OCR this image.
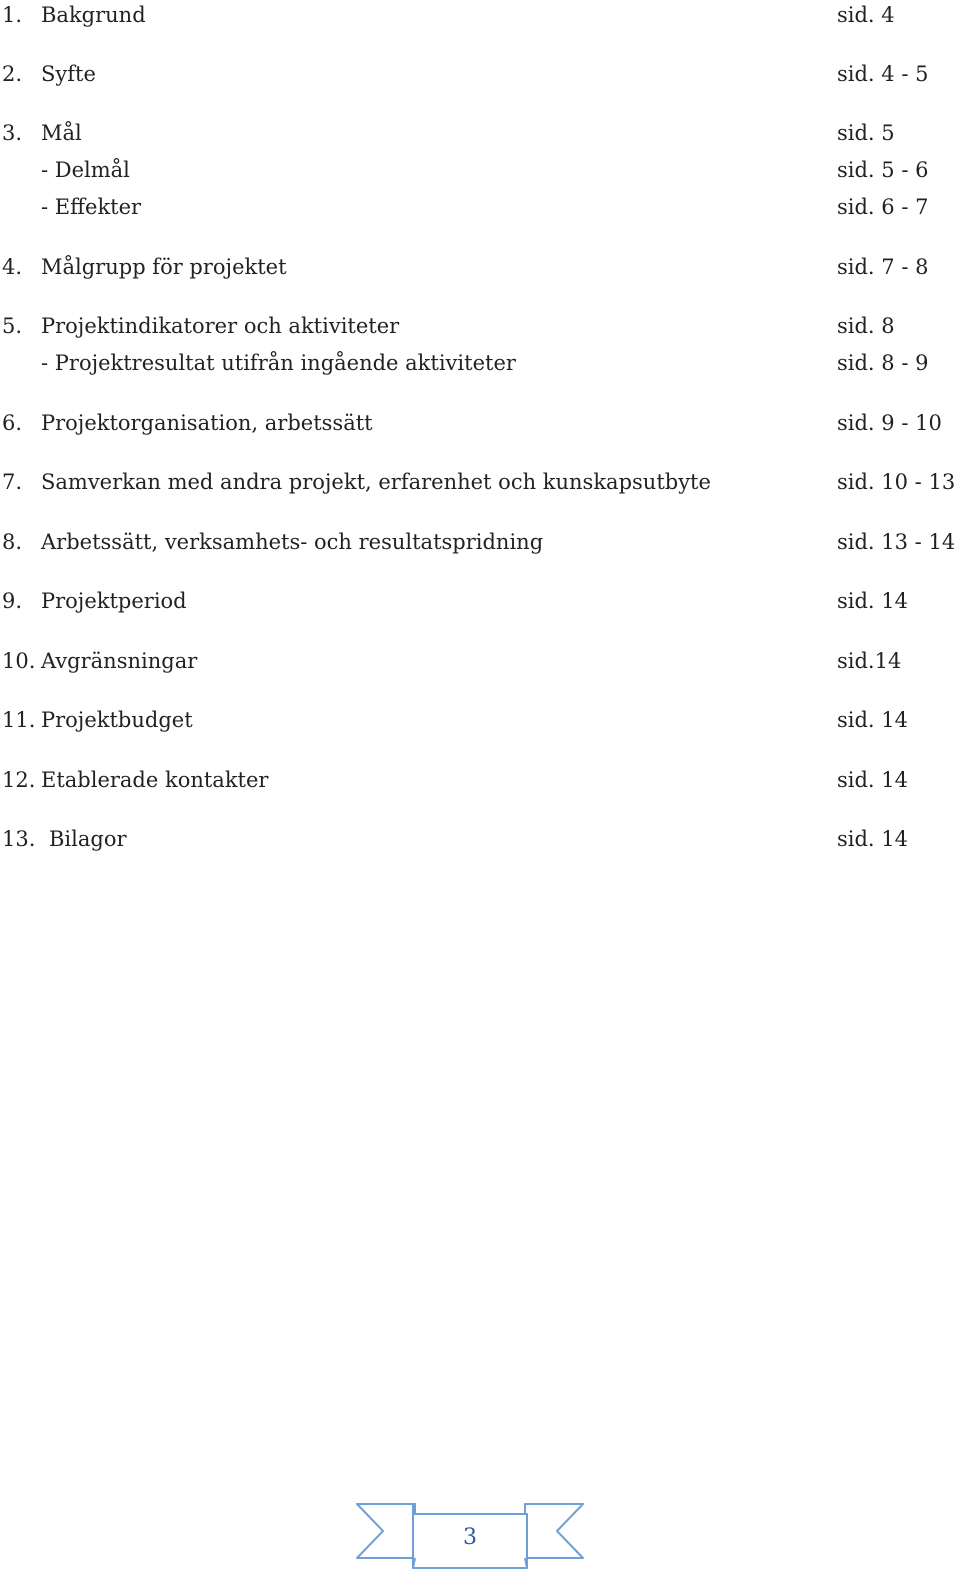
1. Bakgrund	sid. 4
2. Syfte	sid. 4 - 5
3. Mål	sid. 5
- Delmål	sid. 5 - 6
- Effekter	sid. 6 - 7
4. Målgrupp för projektet	sid. 7 - 8
5. Projektindikatorer och aktiviteter	sid. 8
- Projektresultat utifrån ingående aktiviteter	sid. 8 - 9
6. Projektorganisation, arbetssätt	sid. 9 - 10
7. Samverkan med andra projekt, erfarenhet och kunskapsutbyte	sid. 10 - 13
8. Arbetssätt, verksamhets- och resultatspridning	sid. 13 - 14
9. Projektperiod	sid. 14
10. Avgränsningar	sid.14
11. Projektbudget	sid. 14
12. Etablerade kontakter	sid. 14
13. Bilagor	sid. 14
3
